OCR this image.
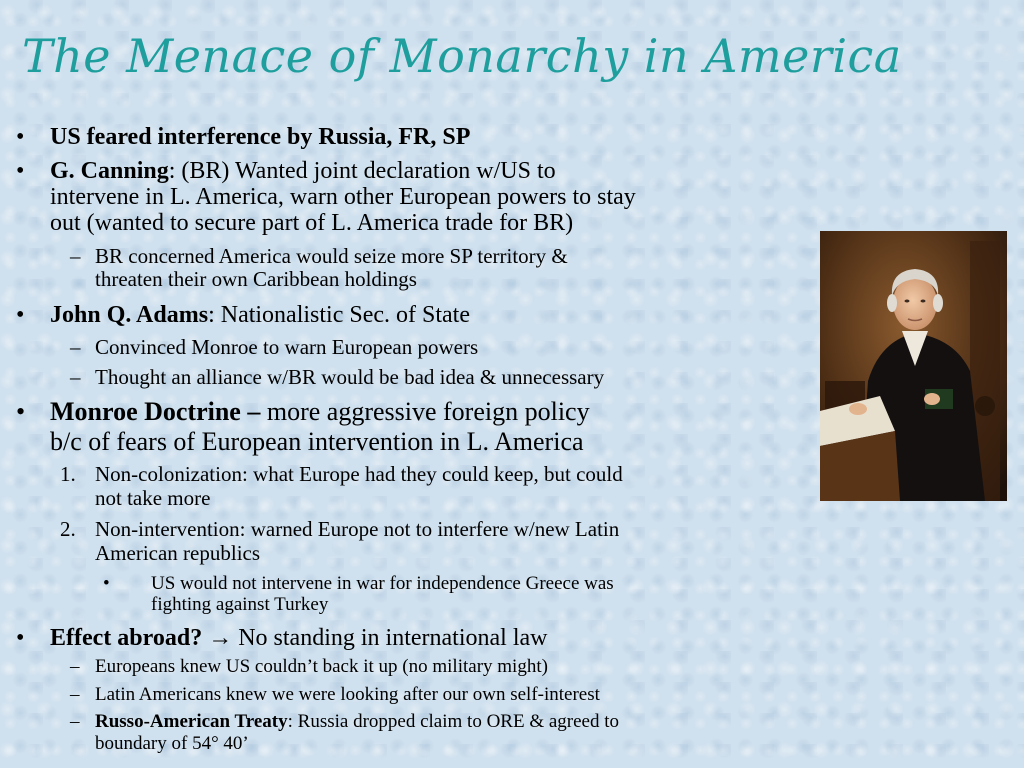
The Menace of Monarchy in America
• US feared interference by Russia, FR, SP
• G. Canning: (BR) Wanted joint declaration w/US to
intervene in L. America, warn other European powers to stay
out (wanted to secure part of L. America trade for BR)
– BR concerned America would seize more SP territory &
threaten their own Caribbean holdings
• John Q. Adams: Nationalistic Sec. of State
– Convinced Monroe to warn European powers
– Thought an alliance w/BR would be bad idea & unnecessary
• Monroe Doctrine – more aggressive foreign policy
b/c of fears of European intervention in L. America
1. Non-colonization: what Europe had they could keep, but could
not take more
2. Non-intervention: warned Europe not to interfere w/new Latin
American republics
• US would not intervene in war for independence Greece was
fighting against Turkey
• Effect abroad? → No standing in international law
– Europeans knew US couldn’t back it up (no military might)
– Latin Americans knew we were looking after our own self-interest
– Russo-American Treaty: Russia dropped claim to ORE & agreed to
boundary of 54° 40’
